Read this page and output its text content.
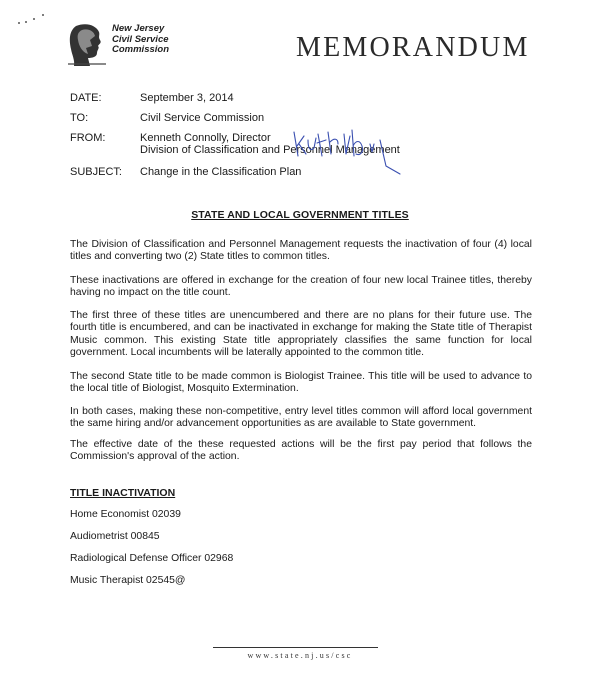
New Jersey
Civil Service
Commission	MEMORANDUM
DATE:	September 3, 2014
TO:	Civil Service Commission
FROM:	Kenneth Connolly, Director
Division of Classification and Personnel Management
SUBJECT: Change in the Classification Plan
STATE AND LOCAL GOVERNMENT TITLES

The Division of Classification and Personnel Management requests the inactivation of four (4) local titles and converting two (2) State titles to common titles.

These inactivations are offered in exchange for the creation of four new local Trainee titles, thereby having no impact on the title count.

The first three of these titles are unencumbered and there are no plans for their future use. The fourth title is encumbered, and can be inactivated in exchange for making the State title of Therapist Music common. This existing State title appropriately classifies the same function for local government. Local incumbents will be laterally appointed to the common title.

The second State title to be made common is Biologist Trainee. This title will be used to advance to the local title of Biologist, Mosquito Extermination.

In both cases, making these non-competitive, entry level titles common will afford local government the same hiring and/or advancement opportunities as are available to State government.

The effective date of the these requested actions will be the first pay period that follows the Commission's approval of the action.

TITLE INACTIVATION
Home Economist 02039
Audiometrist 00845
Radiological Defense Officer 02968
Music Therapist 02545@
www.state.nj.us/csc
